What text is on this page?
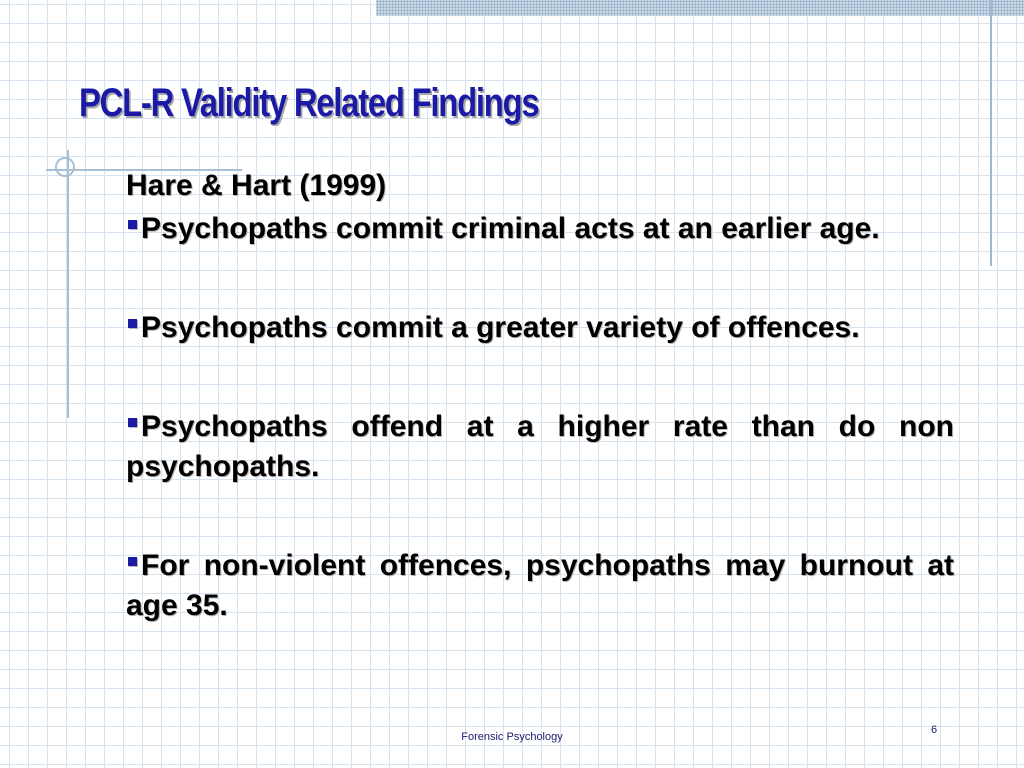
PCL-R Validity Related Findings
Hare & Hart (1999)
Psychopaths commit criminal acts at an earlier age.
Psychopaths commit a greater variety of offences.
Psychopaths offend at a higher rate than do non psychopaths.
For non-violent offences, psychopaths may burnout at age 35.
Forensic Psychology
6
